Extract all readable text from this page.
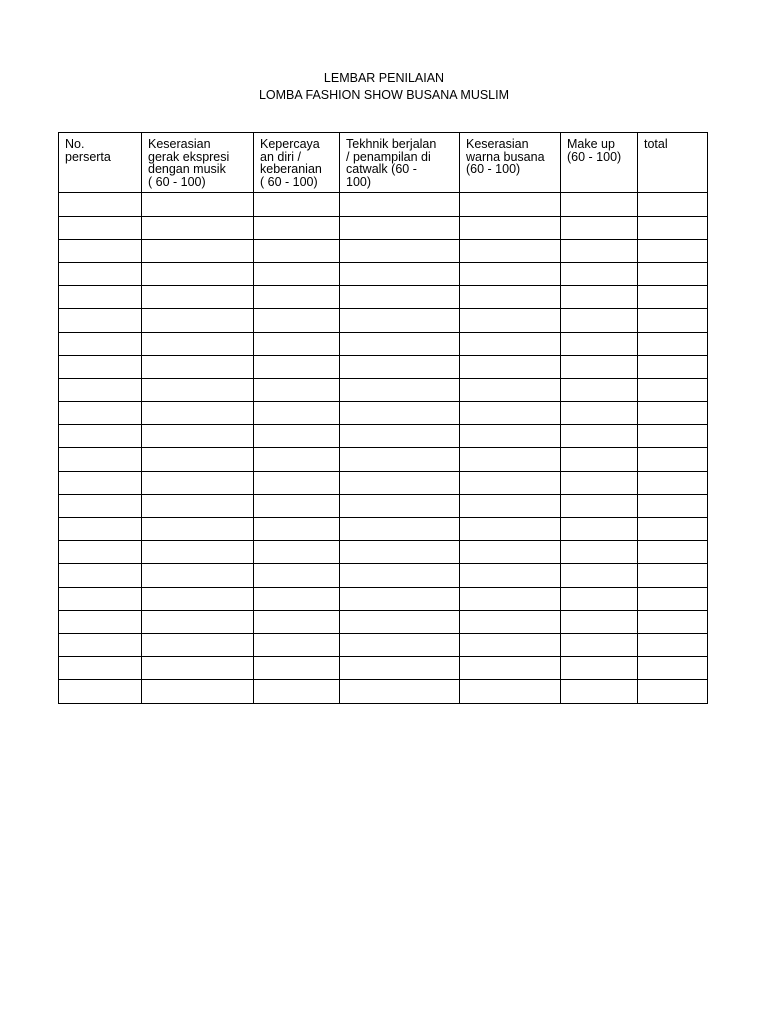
LEMBAR PENILAIAN
LOMBA FASHION SHOW BUSANA MUSLIM
No.
perserta	Keserasian
gerak ekspresi
dengan musik
( 60 - 100)	Kepercaya
an diri /
keberanian
( 60 - 100)	Tekhnik berjalan
/ penampilan di
catwalk (60 -
100)	Keserasian
warna busana
(60 - 100)	Make up
(60 - 100)	total
